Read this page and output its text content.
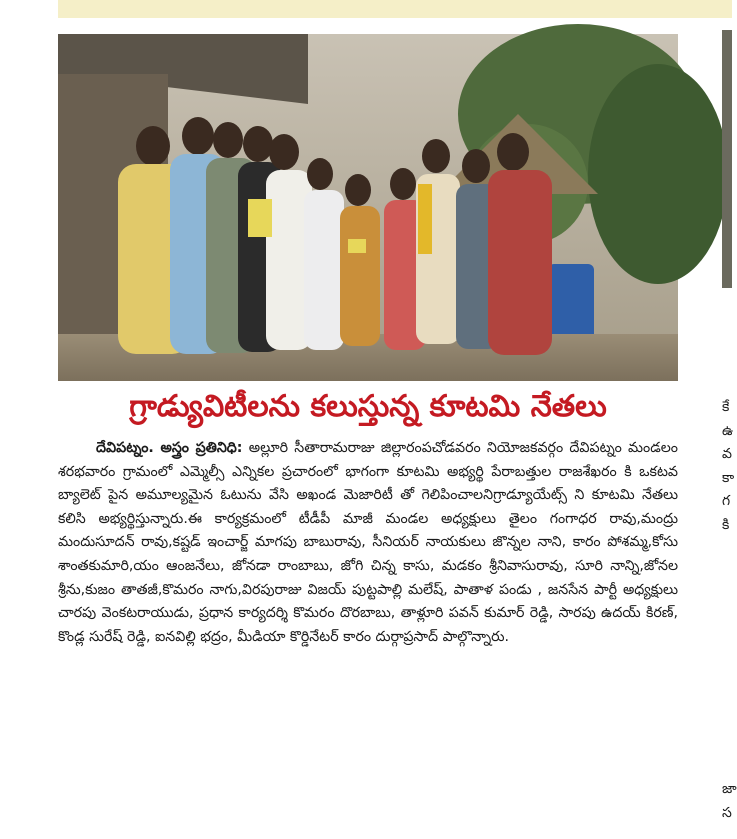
గ్రాడ్యువిటీలను కలుస్తున్న కూటమి నేతలు
దేవిపట్నం. అస్త్రం ప్రతినిధి: అల్లూరి సీతారామరాజు జిల్లారంపచోడవరం నియోజకవర్గం దేవిపట్నం మండలం శరభవారం గ్రామంలో ఎమ్మెల్సీ ఎన్నికల ప్రచారంలో భాగంగా కూటమి అభ్యర్థి పేరాబత్తుల రాజశేఖరం కి ఒకటవ బ్యాలెట్ పైన అమూల్యమైన ఓటును వేసి అఖండ మెజారిటీ తో గెలిపించాలనిగ్రాడ్యూయేట్స్ ని కూటమి నేతలు కలిసి అభ్యర్థిస్తున్నారు.ఈ కార్యక్రమంలో టీడీపీ మాజీ మండల అధ్యక్షులు తైలం గంగాధర రావు,మంద్రు మందుసూదన్ రావు,కష్టడ్ ఇంచార్జ్ మాగపు బాబురావు, సీనియర్ నాయకులు జొన్నల నాని, కారం పోశమ్మ,కోసు శాంతకుమారి,యం ఆంజనేలు, జోనడా రాంబాబు, జోగి చిన్న కాసు, మడకం శ్రీనివాసురావు, సూరి నాన్ని,జోనల శ్రీను,కుజం తాతజీ,కొమరం నాగు,విరపురాజు విజయ్ పుట్టపాల్లి మలేష్, పాతాళ పండు , జనసేన పార్టీ అధ్యక్షులు చారపు వెంకటరాయుడు, ప్రధాన కార్యదర్శి కొమరం దొరబాబు, తాళ్లూరి పవన్ కుమార్ రెడ్డి, సారపు ఉదయ్ కిరణ్, కొండ్ల సురేష్ రెడ్డి, ఐనవిల్లి భద్రం, మీడియా కొర్డినేటర్ కారం దుర్గాప్రసాద్ పాల్గొన్నారు.
కే
ఉ
వ
కా
గ
కి
జా
స
